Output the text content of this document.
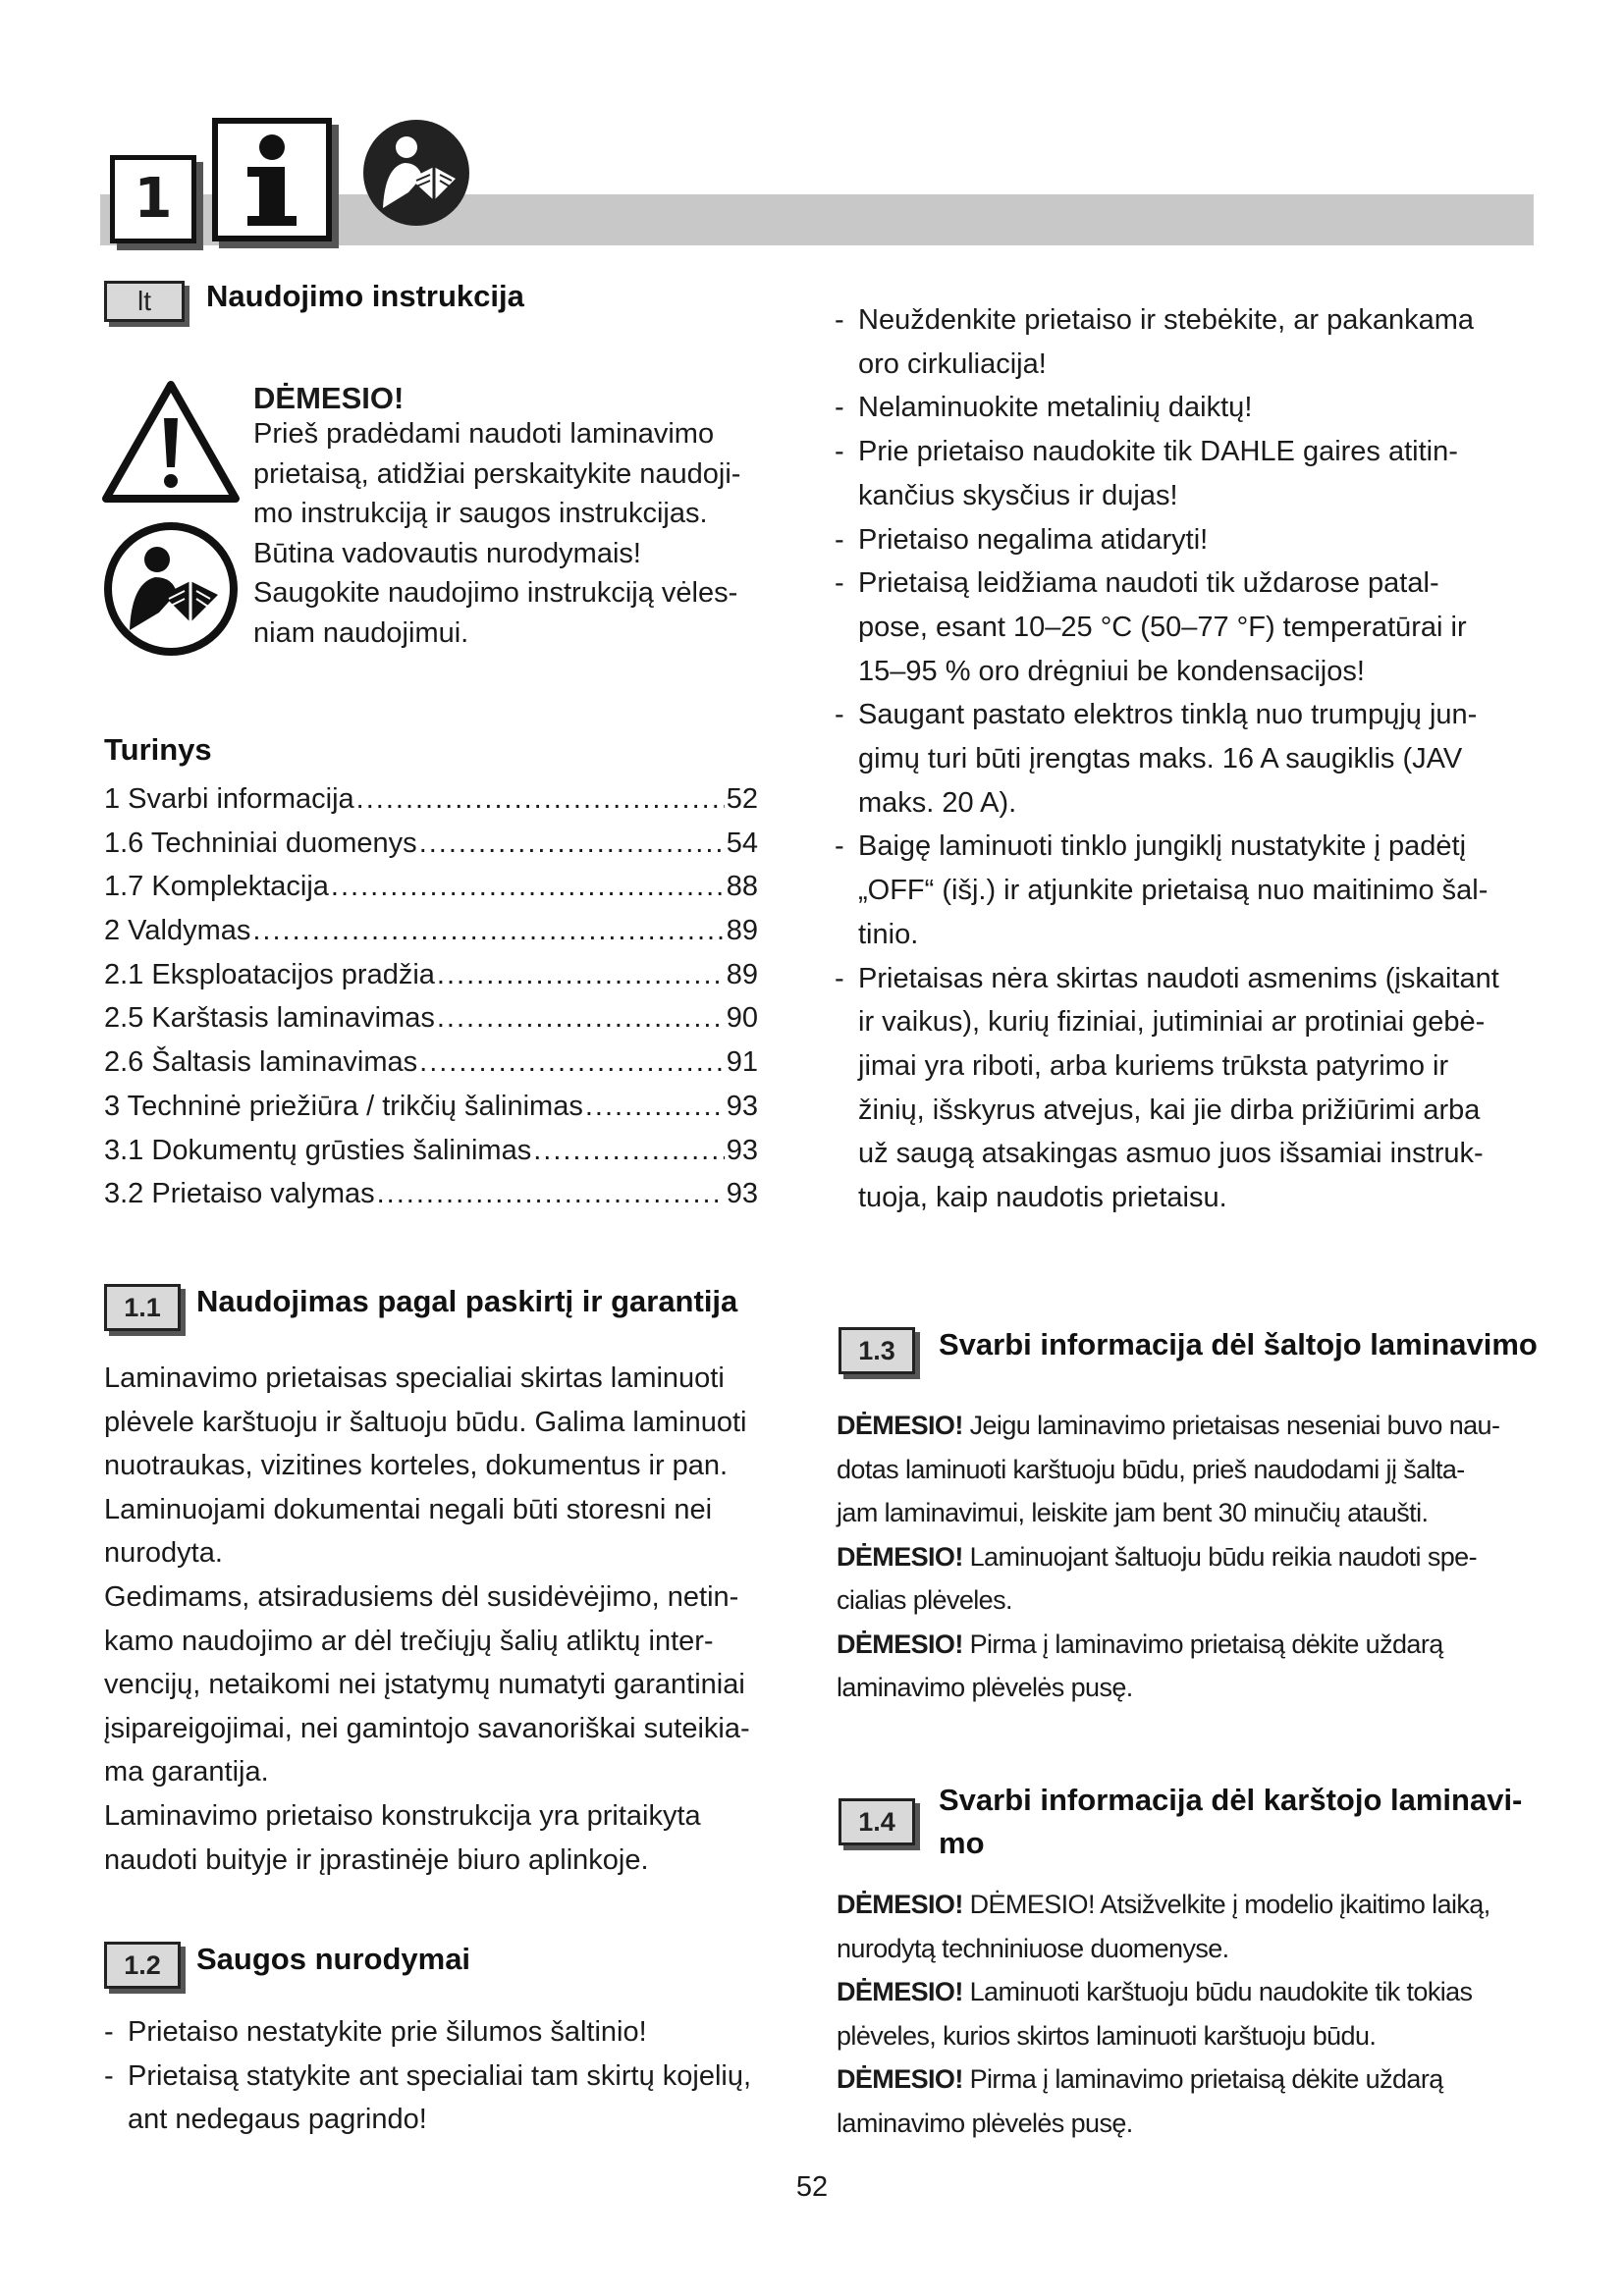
1
lt	Naudojimo instrukcija
DĖMESIO!
Prieš pradėdami naudoti laminavimo
prietaisą, atidžiai perskaitykite naudoji-
mo instrukciją ir saugos instrukcijas.
Būtina vadovautis nurodymais!
Saugokite naudojimo instrukciją vėles-
niam naudojimui.
Turinys
1 Svarbi informacija .....	52
1.6 Techniniai duomenys .....	54
1.7 Komplektacija .....	88
2 Valdymas .....	89
2.1 Eksploatacijos pradžia .....	89
2.5 Karštasis laminavimas .....	90
2.6 Šaltasis laminavimas .....	91
3 Techninė priežiūra / trikčių šalinimas .....	93
3.1 Dokumentų grūsties šalinimas .....	93
3.2 Prietaiso valymas .....	93
1.1	Naudojimas pagal paskirtį ir garantija
Laminavimo prietaisas specialiai skirtas laminuoti
plėvele karštuoju ir šaltuoju būdu. Galima laminuoti
nuotraukas, vizitines korteles, dokumentus ir pan.
Laminuojami dokumentai negali būti storesni nei
nurodyta.
Gedimams, atsiradusiems dėl susidėvėjimo, netin-
kamo naudojimo ar dėl trečiųjų šalių atliktų inter-
vencijų, netaikomi nei įstatymų numatyti garantiniai
įsipareigojimai, nei gamintojo savanoriškai suteikia-
ma garantija.
Laminavimo prietaiso konstrukcija yra pritaikyta
naudoti buityje ir įprastinėje biuro aplinkoje.
1.2	Saugos nurodymai
- Prietaiso nestatykite prie šilumos šaltinio!
- Prietaisą statykite ant specialiai tam skirtų kojelių,
ant nedegaus pagrindo!
- Neuždenkite prietaiso ir stebėkite, ar pakankama
oro cirkuliacija!
- Nelaminuokite metalinių daiktų!
- Prie prietaiso naudokite tik DAHLE gaires atitin-
kančius skysčius ir dujas!
- Prietaiso negalima atidaryti!
- Prietaisą leidžiama naudoti tik uždarose patal-
pose, esant 10–25 °C (50–77 °F) temperatūrai ir
15–95 % oro drėgniui be kondensacijos!
- Saugant pastato elektros tinklą nuo trumpųjų jun-
gimų turi būti įrengtas maks. 16 A saugiklis (JAV
maks. 20 A).
- Baigę laminuoti tinklo jungiklį nustatykite į padėtį
„OFF“ (išj.) ir atjunkite prietaisą nuo maitinimo šal-
tinio.
- Prietaisas nėra skirtas naudoti asmenims (įskaitant
ir vaikus), kurių fiziniai, jutiminiai ar protiniai gebė-
jimai yra riboti, arba kuriems trūksta patyrimo ir
žinių, išskyrus atvejus, kai jie dirba prižiūrimi arba
už saugą atsakingas asmuo juos išsamiai instruk-
tuoja, kaip naudotis prietaisu.
1.3	Svarbi informacija dėl šaltojo laminavimo
DĖMESIO! Jeigu laminavimo prietaisas neseniai buvo nau-
dotas laminuoti karštuoju būdu, prieš naudodami jį šalta-
jam laminavimui, leiskite jam bent 30 minučių ataušti.
DĖMESIO! Laminuojant šaltuoju būdu reikia naudoti spe-
cialias plėveles.
DĖMESIO! Pirma į laminavimo prietaisą dėkite uždarą
laminavimo plėvelės pusę.
1.4
Svarbi informacija dėl karštojo laminavi-
mo
DĖMESIO! DĖMESIO! Atsižvelkite į modelio įkaitimo laiką,
nurodytą techniniuose duomenyse.
DĖMESIO! Laminuoti karštuoju būdu naudokite tik tokias
plėveles, kurios skirtos laminuoti karštuoju būdu.
DĖMESIO! Pirma į laminavimo prietaisą dėkite uždarą
laminavimo plėvelės pusę.
52
